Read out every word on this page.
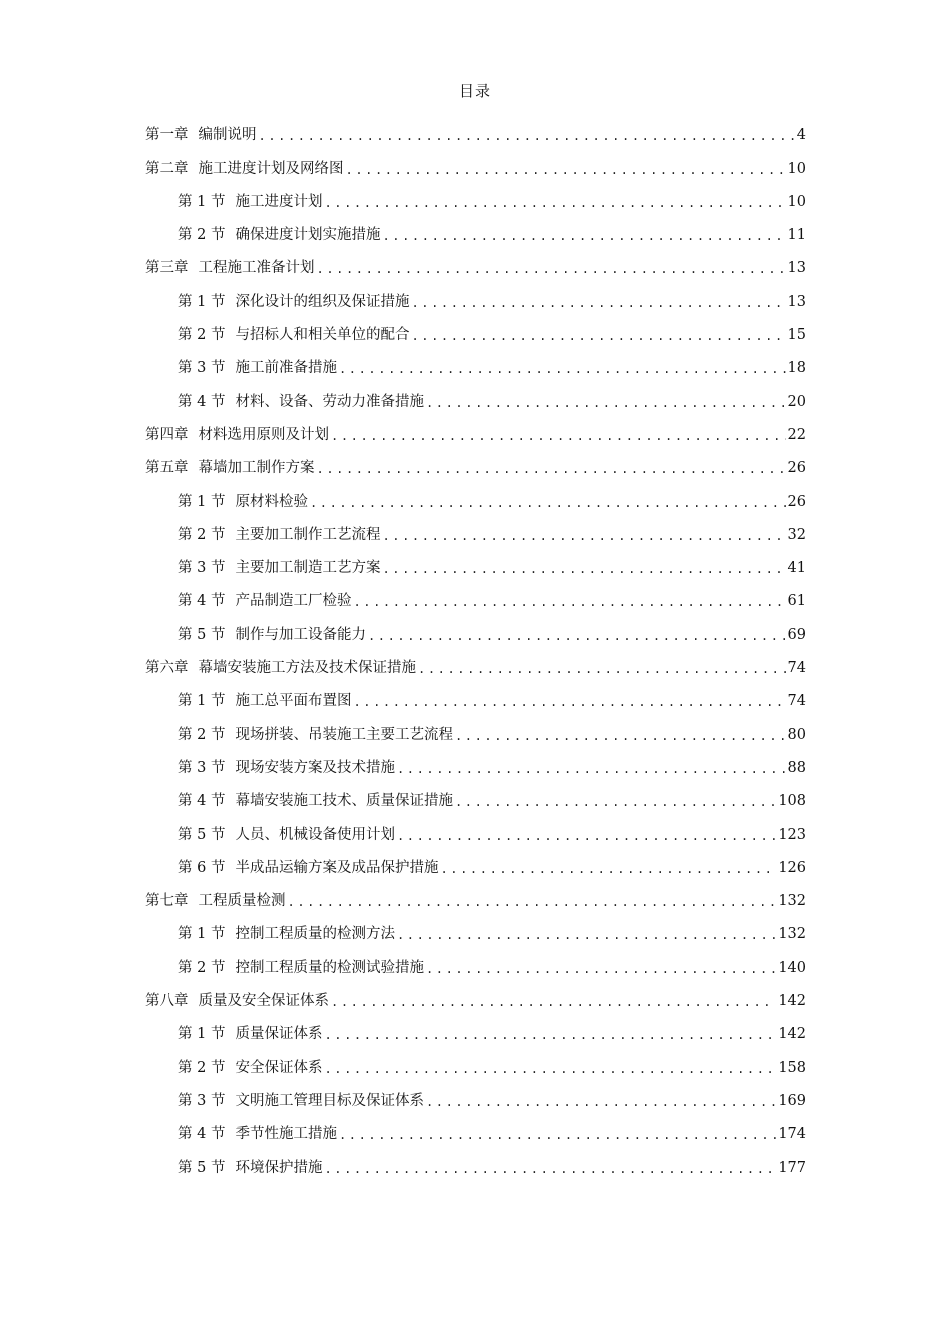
目录
第一章 编制说明 .....	4
第二章 施工进度计划及网络图 .....	10
第 1 节 施工进度计划 .....	10
第 2 节 确保进度计划实施措施 .....	11
第三章 工程施工准备计划 .....	13
第 1 节 深化设计的组织及保证措施 .....	13
第 2 节 与招标人和相关单位的配合 .....	15
第 3 节 施工前准备措施 .....	18
第 4 节 材料、设备、劳动力准备措施 .....	20
第四章 材料选用原则及计划 .....	22
第五章 幕墙加工制作方案 .....	26
第 1 节 原材料检验 .....	26
第 2 节 主要加工制作工艺流程 .....	32
第 3 节 主要加工制造工艺方案 .....	41
第 4 节 产品制造工厂检验 .....	61
第 5 节 制作与加工设备能力 .....	69
第六章 幕墙安装施工方法及技术保证措施 .....	74
第 1 节 施工总平面布置图 .....	74
第 2 节 现场拼装、吊装施工主要工艺流程 .....	80
第 3 节 现场安装方案及技术措施 .....	88
第 4 节 幕墙安装施工技术、质量保证措施 .....	108
第 5 节 人员、机械设备使用计划 .....	123
第 6 节 半成品运输方案及成品保护措施 .....	126
第七章 工程质量检测 .....	132
第 1 节 控制工程质量的检测方法 .....	132
第 2 节 控制工程质量的检测试验措施 .....	140
第八章 质量及安全保证体系 .....	142
第 1 节 质量保证体系 .....	142
第 2 节 安全保证体系 .....	158
第 3 节 文明施工管理目标及保证体系 .....	169
第 4 节 季节性施工措施 .....	174
第 5 节 环境保护措施 .....	177
